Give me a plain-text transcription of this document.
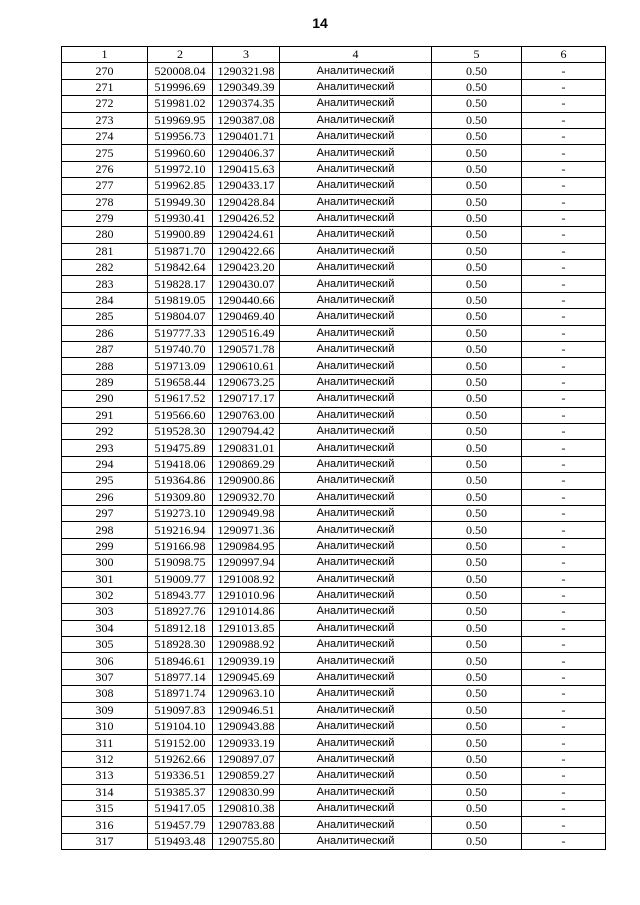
14
1	2	3	4	5	6
270	520008.04	1290321.98	Аналитический	0.50	-
271	519996.69	1290349.39	Аналитический	0.50	-
272	519981.02	1290374.35	Аналитический	0.50	-
273	519969.95	1290387.08	Аналитический	0.50	-
274	519956.73	1290401.71	Аналитический	0.50	-
275	519960.60	1290406.37	Аналитический	0.50	-
276	519972.10	1290415.63	Аналитический	0.50	-
277	519962.85	1290433.17	Аналитический	0.50	-
278	519949.30	1290428.84	Аналитический	0.50	-
279	519930.41	1290426.52	Аналитический	0.50	-
280	519900.89	1290424.61	Аналитический	0.50	-
281	519871.70	1290422.66	Аналитический	0.50	-
282	519842.64	1290423.20	Аналитический	0.50	-
283	519828.17	1290430.07	Аналитический	0.50	-
284	519819.05	1290440.66	Аналитический	0.50	-
285	519804.07	1290469.40	Аналитический	0.50	-
286	519777.33	1290516.49	Аналитический	0.50	-
287	519740.70	1290571.78	Аналитический	0.50	-
288	519713.09	1290610.61	Аналитический	0.50	-
289	519658.44	1290673.25	Аналитический	0.50	-
290	519617.52	1290717.17	Аналитический	0.50	-
291	519566.60	1290763.00	Аналитический	0.50	-
292	519528.30	1290794.42	Аналитический	0.50	-
293	519475.89	1290831.01	Аналитический	0.50	-
294	519418.06	1290869.29	Аналитический	0.50	-
295	519364.86	1290900.86	Аналитический	0.50	-
296	519309.80	1290932.70	Аналитический	0.50	-
297	519273.10	1290949.98	Аналитический	0.50	-
298	519216.94	1290971.36	Аналитический	0.50	-
299	519166.98	1290984.95	Аналитический	0.50	-
300	519098.75	1290997.94	Аналитический	0.50	-
301	519009.77	1291008.92	Аналитический	0.50	-
302	518943.77	1291010.96	Аналитический	0.50	-
303	518927.76	1291014.86	Аналитический	0.50	-
304	518912.18	1291013.85	Аналитический	0.50	-
305	518928.30	1290988.92	Аналитический	0.50	-
306	518946.61	1290939.19	Аналитический	0.50	-
307	518977.14	1290945.69	Аналитический	0.50	-
308	518971.74	1290963.10	Аналитический	0.50	-
309	519097.83	1290946.51	Аналитический	0.50	-
310	519104.10	1290943.88	Аналитический	0.50	-
311	519152.00	1290933.19	Аналитический	0.50	-
312	519262.66	1290897.07	Аналитический	0.50	-
313	519336.51	1290859.27	Аналитический	0.50	-
314	519385.37	1290830.99	Аналитический	0.50	-
315	519417.05	1290810.38	Аналитический	0.50	-
316	519457.79	1290783.88	Аналитический	0.50	-
317	519493.48	1290755.80	Аналитический	0.50	-
